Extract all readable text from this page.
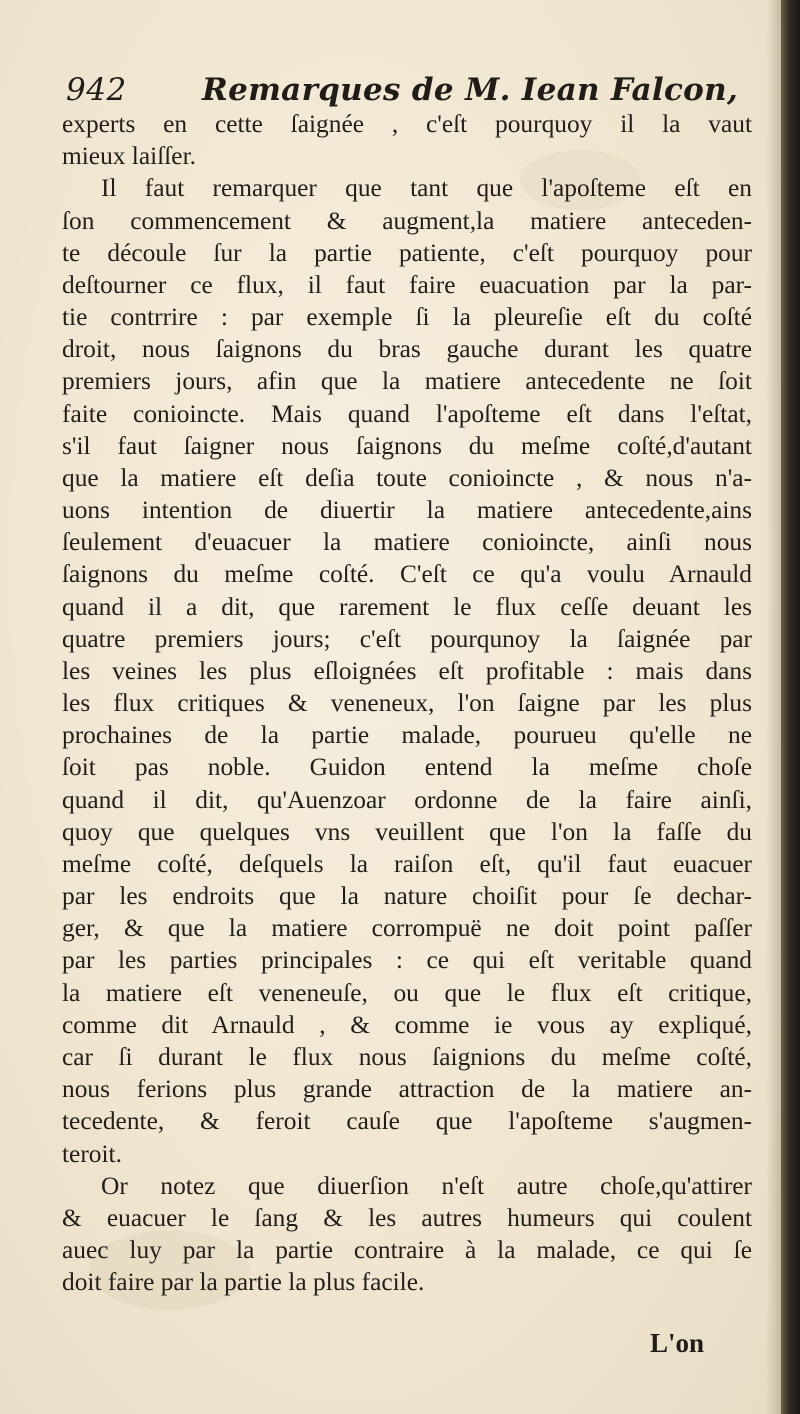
942 Remarques de M. Iean Falcon,
experts en cette ſaignée , c'eſt pourquoy il la vaut
mieux laiſſer.
Il faut remarquer que tant que l'apoſteme eſt en
ſon commencement & augment,la matiere anteceden-
te découle ſur la partie patiente, c'eſt pourquoy pour
deſtourner ce flux, il faut faire euacuation par la par-
tie contrrire : par exemple ſi la pleureſie eſt du coſté
droit, nous ſaignons du bras gauche durant les quatre
premiers jours, afin que la matiere antecedente ne ſoit
faite conioincte. Mais quand l'apoſteme eſt dans l'eſtat,
s'il faut ſaigner nous ſaignons du meſme coſté,d'autant
que la matiere eſt deſia toute conioincte , & nous n'a-
uons intention de diuertir la matiere antecedente,ains
ſeulement d'euacuer la matiere conioincte, ainſi nous
ſaignons du meſme coſté. C'eſt ce qu'a voulu Arnauld
quand il a dit, que rarement le flux ceſſe deuant les
quatre premiers jours; c'eſt pourqunoy la ſaignée par
les veines les plus eſloignées eſt profitable : mais dans
les flux critiques & veneneux, l'on ſaigne par les plus
prochaines de la partie malade, pourueu qu'elle ne
ſoit pas noble. Guidon entend la meſme choſe
quand il dit, qu'Auenzoar ordonne de la faire ainſi,
quoy que quelques vns veuillent que l'on la faſſe du
meſme coſté, deſquels la raiſon eſt, qu'il faut euacuer
par les endroits que la nature choiſit pour ſe dechar-
ger, & que la matiere corrompuë ne doit point paſſer
par les parties principales : ce qui eſt veritable quand
la matiere eſt veneneuſe, ou que le flux eſt critique,
comme dit Arnauld , & comme ie vous ay expliqué,
car ſi durant le flux nous ſaignions du meſme coſté,
nous ferions plus grande attraction de la matiere an-
tecedente, & feroit cauſe que l'apoſteme s'augmen-
teroit.
Or notez que diuerſion n'eſt autre choſe,qu'attirer
& euacuer le ſang & les autres humeurs qui coulent
auec luy par la partie contraire à la malade, ce qui ſe
doit faire par la partie la plus facile.
L'on
